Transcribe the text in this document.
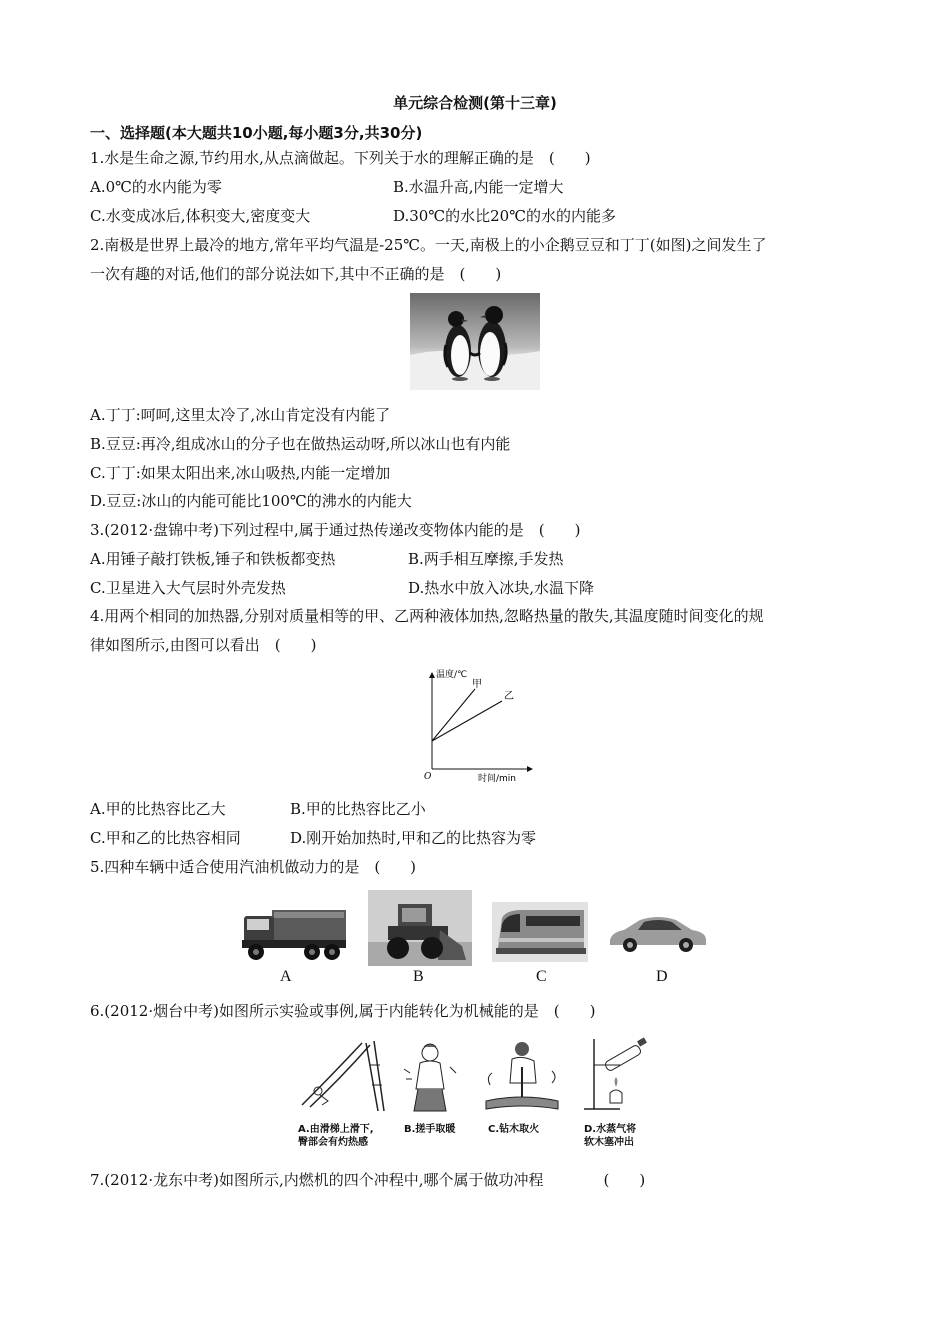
单元综合检测(第十三章)
一、选择题(本大题共10小题,每小题3分,共30分)
1.水是生命之源,节约用水,从点滴做起。下列关于水的理解正确的是　(　　)
A.0℃的水内能为零	B.水温升高,内能一定增大
C.水变成冰后,体积变大,密度变大	D.30℃的水比20℃的水的内能多
2.南极是世界上最冷的地方,常年平均气温是-25℃。一天,南极上的小企鹅豆豆和丁丁(如图)之间发生了
一次有趣的对话,他们的部分说法如下,其中不正确的是　(　　)
A.丁丁:呵呵,这里太冷了,冰山肯定没有内能了
B.豆豆:再冷,组成冰山的分子也在做热运动呀,所以冰山也有内能
C.丁丁:如果太阳出来,冰山吸热,内能一定增加
D.豆豆:冰山的内能可能比100℃的沸水的内能大
3.(2012·盘锦中考)下列过程中,属于通过热传递改变物体内能的是　(　　)
A.用锤子敲打铁板,锤子和铁板都变热	B.两手相互摩擦,手发热
C.卫星进入大气层时外壳发热	D.热水中放入冰块,水温下降
4.用两个相同的加热器,分别对质量相等的甲、乙两种液体加热,忽略热量的散失,其温度随时间变化的规
律如图所示,由图可以看出　(　　)
温度/℃
时间/min
O
甲
乙
A.甲的比热容比乙大	B.甲的比热容比乙小
C.甲和乙的比热容相同	D.刚开始加热时,甲和乙的比热容为零
5.四种车辆中适合使用汽油机做动力的是　(　　)
A	B	C	D
6.(2012·烟台中考)如图所示实验或事例,属于内能转化为机械能的是　(　　)
A.由滑梯上滑下,
臀部会有灼热感
B.搓手取暖	C.钻木取火	D.水蒸气将
软木塞冲出
7.(2012·龙东中考)如图所示,内燃机的四个冲程中,哪个属于做功冲程　　　　(　　)
